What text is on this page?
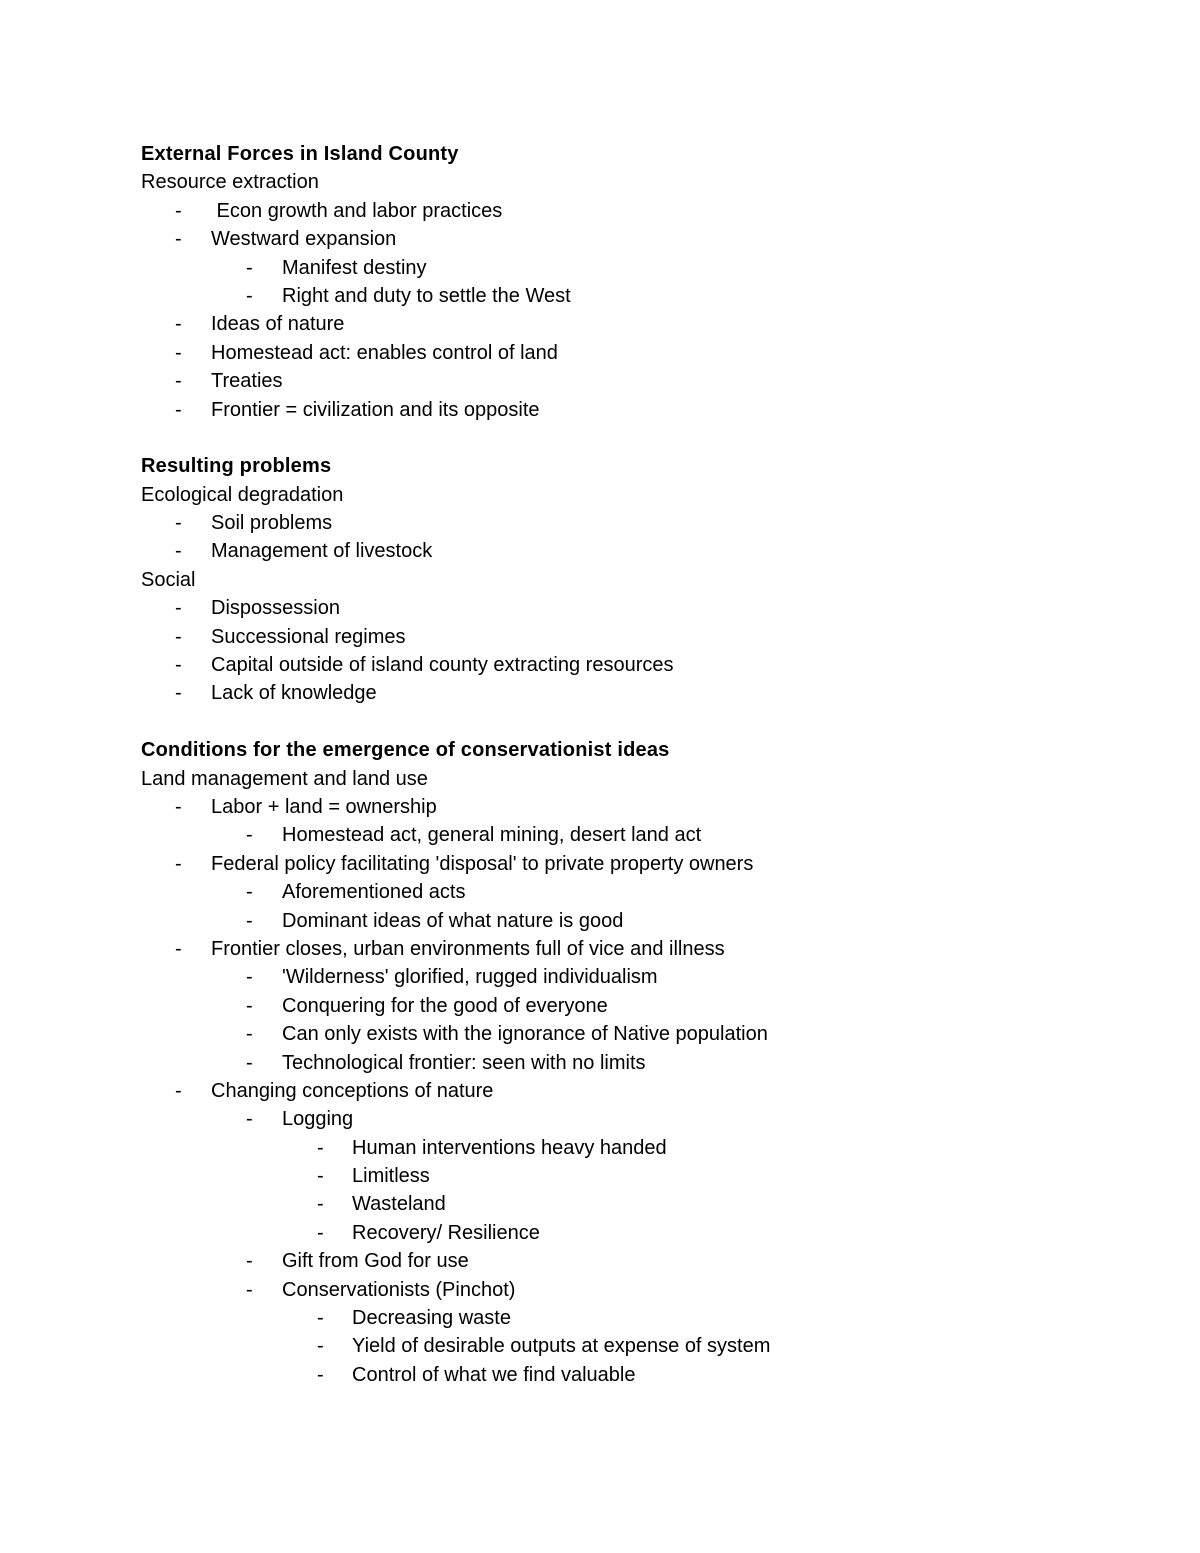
External Forces in Island County
Resource extraction
-	Econ growth and labor practices
-	Westward expansion
-	Manifest destiny
-	Right and duty to settle the West
-	Ideas of nature
-	Homestead act: enables control of land
-	Treaties
-	Frontier = civilization and its opposite
Resulting problems
Ecological degradation
-	Soil problems
-	Management of livestock
Social
-	Dispossession
-	Successional regimes
-	Capital outside of island county extracting resources
-	Lack of knowledge
Conditions for the emergence of conservationist ideas
Land management and land use
-	Labor + land = ownership
-	Homestead act, general mining, desert land act
-	Federal policy facilitating 'disposal' to private property owners
-	Aforementioned acts
-	Dominant ideas of what nature is good
-	Frontier closes, urban environments full of vice and illness
-	'Wilderness' glorified, rugged individualism
-	Conquering for the good of everyone
-	Can only exists with the ignorance of Native population
-	Technological frontier: seen with no limits
-	Changing conceptions of nature
-	Logging
-	Human interventions heavy handed
-	Limitless
-	Wasteland
-	Recovery/ Resilience
-	Gift from God for use
-	Conservationists (Pinchot)
-	Decreasing waste
-	Yield of desirable outputs at expense of system
-	Control of what we find valuable
